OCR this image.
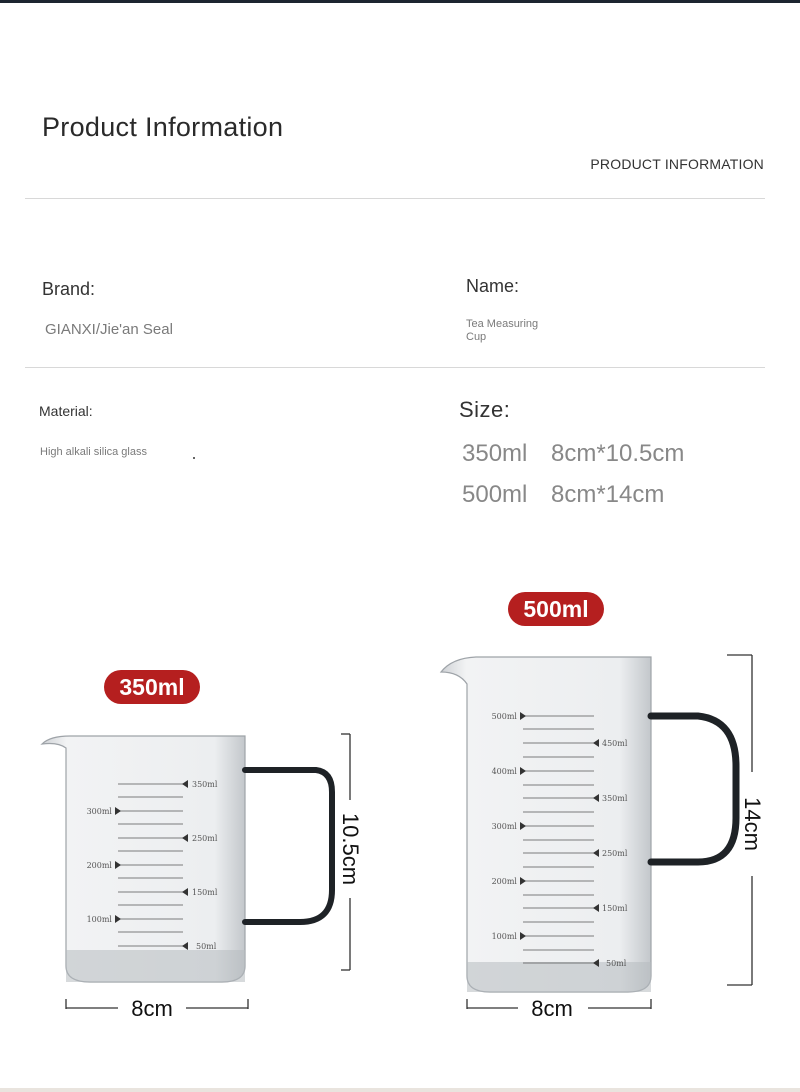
Product Information
PRODUCT INFORMATION
Brand:
GIANXI/Jie'an Seal
Name:
Tea Measuring
Cup
Material:
High alkali silica glass
Size:
350ml 8cm*10.5cm
500ml 8cm*14cm
300ml
200ml
100ml
350ml
250ml
150ml
50ml
10.5cm
8cm
500ml
400ml
300ml
200ml
100ml
450ml
350ml
250ml
150ml
50ml
14cm
8cm
350ml
500ml
